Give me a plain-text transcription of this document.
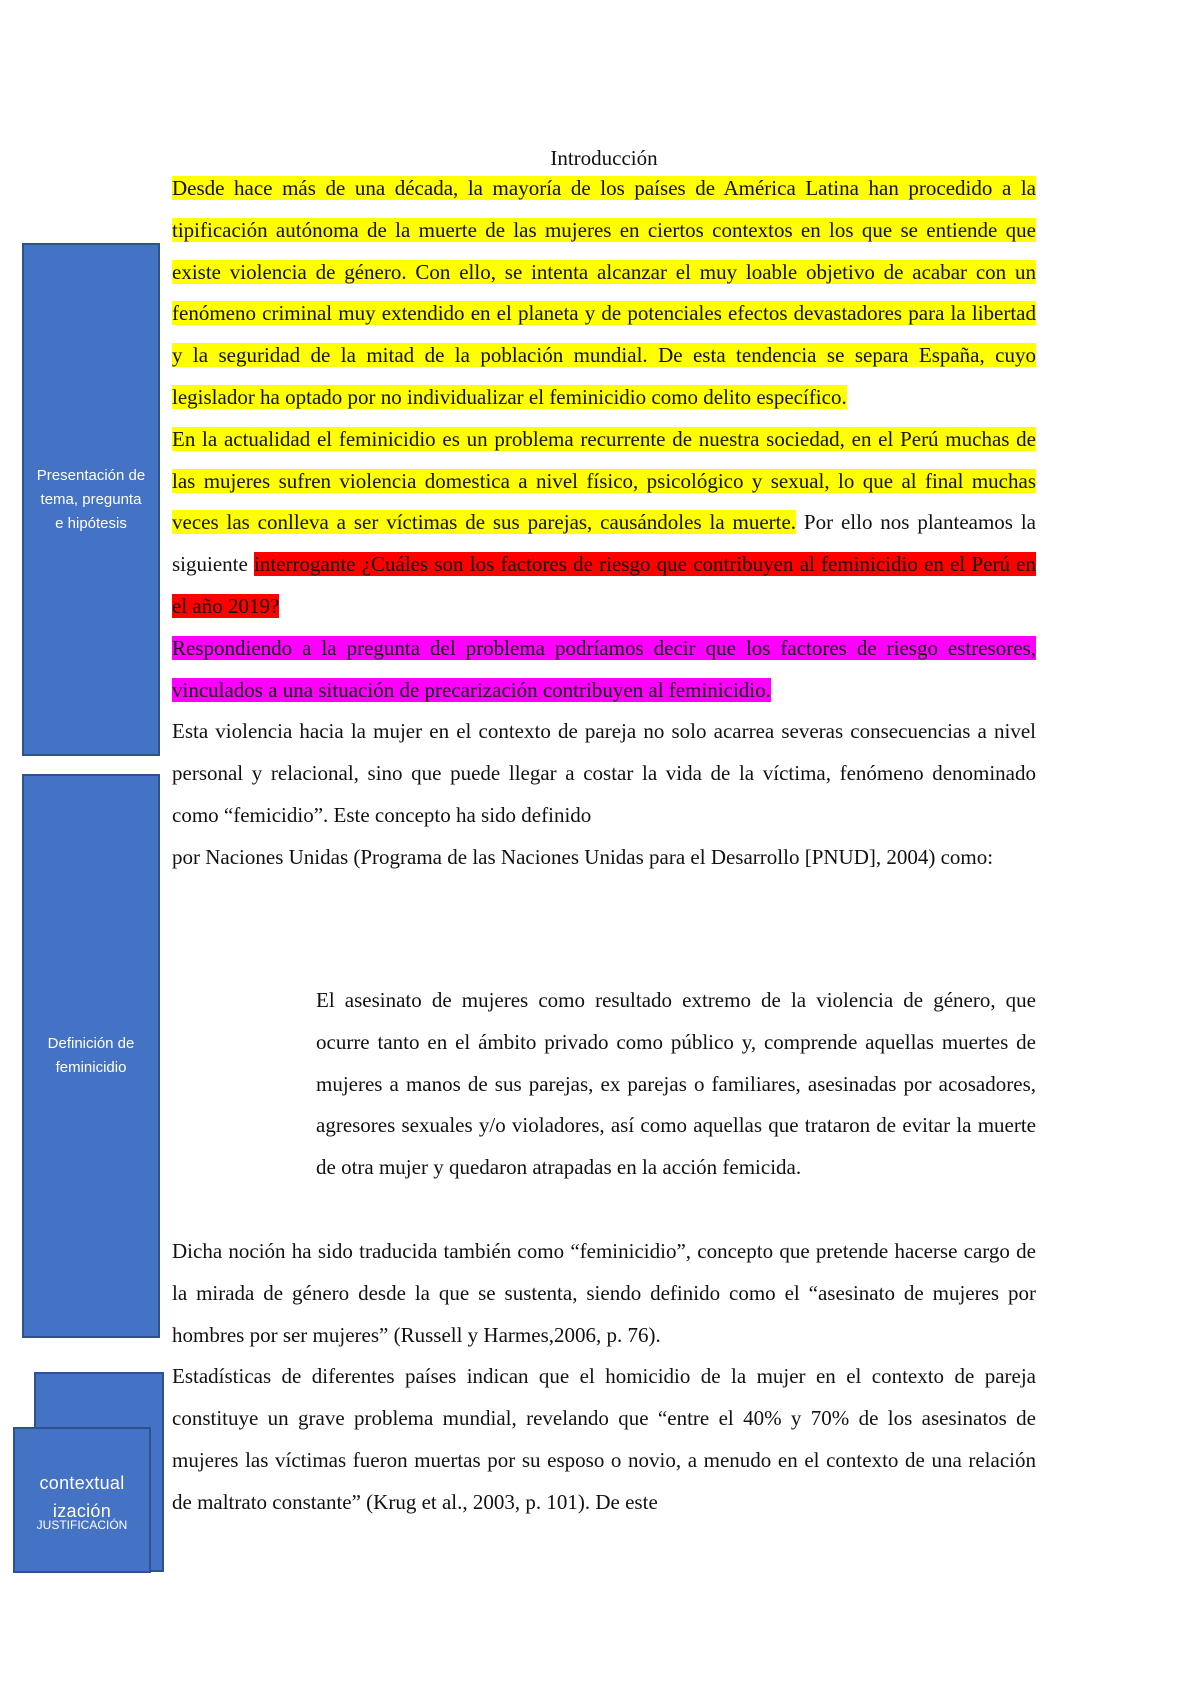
Introducción

Desde hace más de una década, la mayoría de los países de América Latina han procedido a la tipificación autónoma de la muerte de las mujeres en ciertos contextos en los que se entiende que existe violencia de género. Con ello, se intenta alcanzar el muy loable objetivo de acabar con un fenómeno criminal muy extendido en el planeta y de potenciales efectos devastadores para la libertad y la seguridad de la mitad de la población mundial. De esta tendencia se separa España, cuyo legislador ha optado por no individualizar el feminicidio como delito específico.

En la actualidad el feminicidio es un problema recurrente de nuestra sociedad, en el Perú muchas de las mujeres sufren violencia domestica a nivel físico, psicológico y sexual, lo que al final muchas veces las conlleva a ser víctimas de sus parejas, causándoles la muerte. Por ello nos planteamos la siguiente interrogante ¿Cuáles son los factores de riesgo que contribuyen al feminicidio en el Perú en el año 2019?

Respondiendo a la pregunta del problema podríamos decir que los factores de riesgo estresores, vinculados a una situación de precarización contribuyen al feminicidio.

Esta violencia hacia la mujer en el contexto de pareja no solo acarrea severas consecuencias a nivel personal y relacional, sino que puede llegar a costar la vida de la víctima, fenómeno denominado como “femicidio”. Este concepto ha sido definido

por Naciones Unidas (Programa de las Naciones Unidas para el Desarrollo [PNUD], 2004) como:

El asesinato de mujeres como resultado extremo de la violencia de género, que ocurre tanto en el ámbito privado como público y, comprende aquellas muertes de mujeres a manos de sus parejas, ex parejas o familiares, asesinadas por acosadores, agresores sexuales y/o violadores, así como aquellas que trataron de evitar la muerte de otra mujer y quedaron atrapadas en la acción femicida.

Dicha noción ha sido traducida también como “feminicidio”, concepto que pretende hacerse cargo de la mirada de género desde la que se sustenta, siendo definido como el “asesinato de mujeres por hombres por ser mujeres” (Russell y Harmes,2006, p. 76).

Estadísticas de diferentes países indican que el homicidio de la mujer en el contexto de pareja constituye un grave problema mundial, revelando que “entre el 40% y 70% de los asesinatos de mujeres las víctimas fueron muertas por su esposo o novio, a menudo en el contexto de una relación de maltrato constante” (Krug et al., 2003, p. 101). De este

Presentación de tema, pregunta e hipótesis
Definición de feminicidio
contextual
ización
JUSTIFICACIÓN
